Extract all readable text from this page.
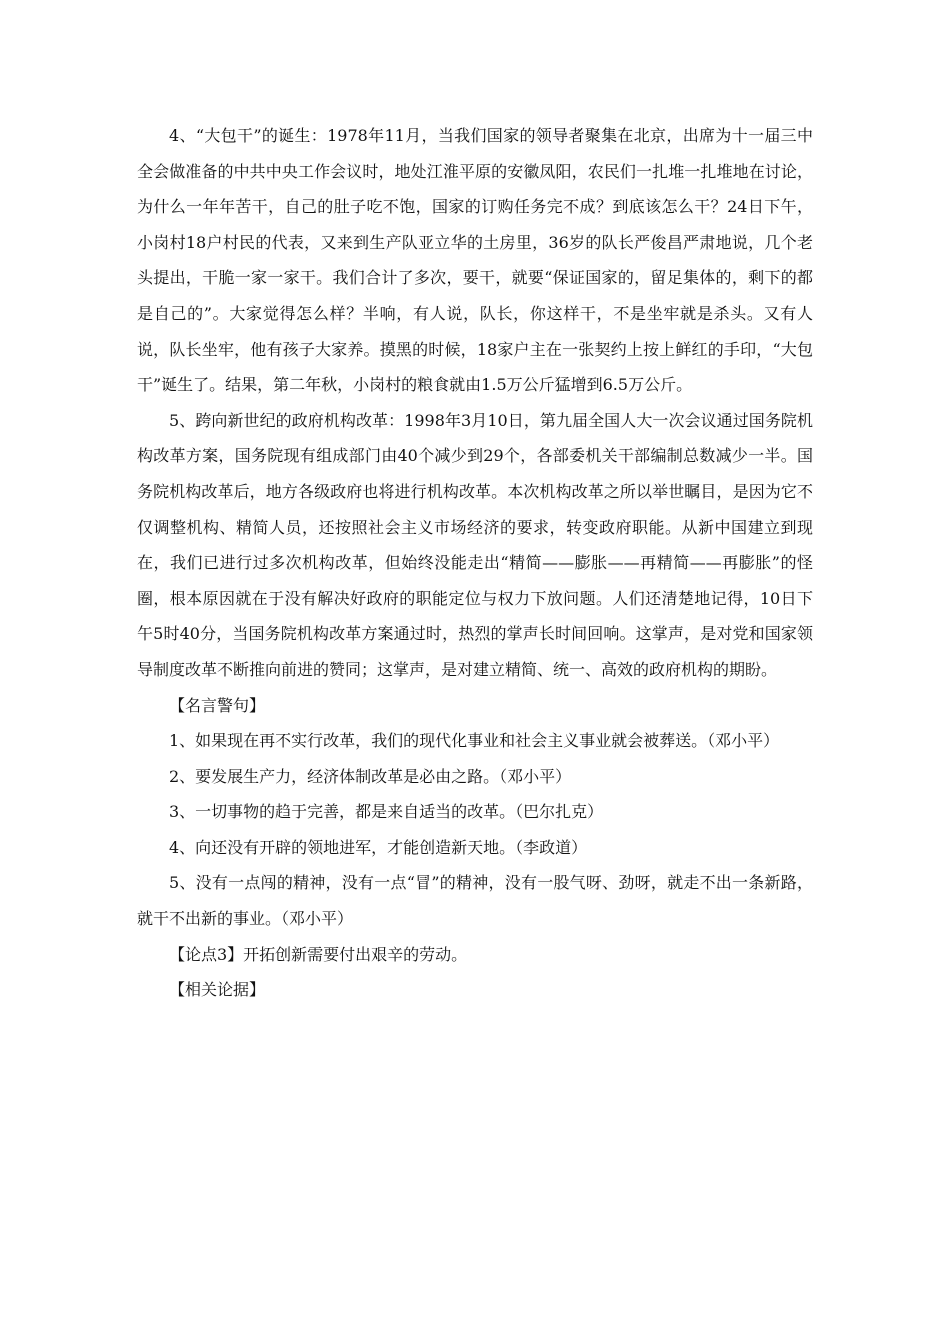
4、“大包干”的诞生：1978年11月，当我们国家的领导者聚集在北京，出席为十一届三中全会做准备的中共中央工作会议时，地处江淮平原的安徽凤阳，农民们一扎堆一扎堆地在讨论，为什么一年年苦干，自己的肚子吃不饱，国家的订购任务完不成？到底该怎么干？24日下午，小岗村18户村民的代表，又来到生产队亚立华的土房里，36岁的队长严俊昌严肃地说，几个老头提出，干脆一家一家干。我们合计了多次，要干，就要“保证国家的，留足集体的，剩下的都是自己的”。大家觉得怎么样？半响，有人说，队长，你这样干，不是坐牢就是杀头。又有人说，队长坐牢，他有孩子大家养。摸黑的时候，18家户主在一张契约上按上鲜红的手印，“大包干”诞生了。结果，第二年秋，小岗村的粮食就由1.5万公斤猛增到6.5万公斤。

5、跨向新世纪的政府机构改革：1998年3月10日，第九届全国人大一次会议通过国务院机构改革方案，国务院现有组成部门由40个减少到29个，各部委机关干部编制总数减少一半。国务院机构改革后，地方各级政府也将进行机构改革。本次机构改革之所以举世瞩目，是因为它不仅调整机构、精简人员，还按照社会主义市场经济的要求，转变政府职能。从新中国建立到现在，我们已进行过多次机构改革，但始终没能走出“精简——膨胀——再精简——再膨胀”的怪圈，根本原因就在于没有解决好政府的职能定位与权力下放问题。人们还清楚地记得，10日下午5时40分，当国务院机构改革方案通过时，热烈的掌声长时间回响。这掌声，是对党和国家领导制度改革不断推向前进的赞同；这掌声，是对建立精简、统一、高效的政府机构的期盼。

【名言警句】

1、如果现在再不实行改革，我们的现代化事业和社会主义事业就会被葬送。（邓小平）

2、要发展生产力，经济体制改革是必由之路。（邓小平）

3、一切事物的趋于完善，都是来自适当的改革。（巴尔扎克）

4、向还没有开辟的领地进军，才能创造新天地。（李政道）

5、没有一点闯的精神，没有一点“冒”的精神，没有一股气呀、劲呀，就走不出一条新路，就干不出新的事业。（邓小平）

【论点3】开拓创新需要付出艰辛的劳动。

【相关论据】
